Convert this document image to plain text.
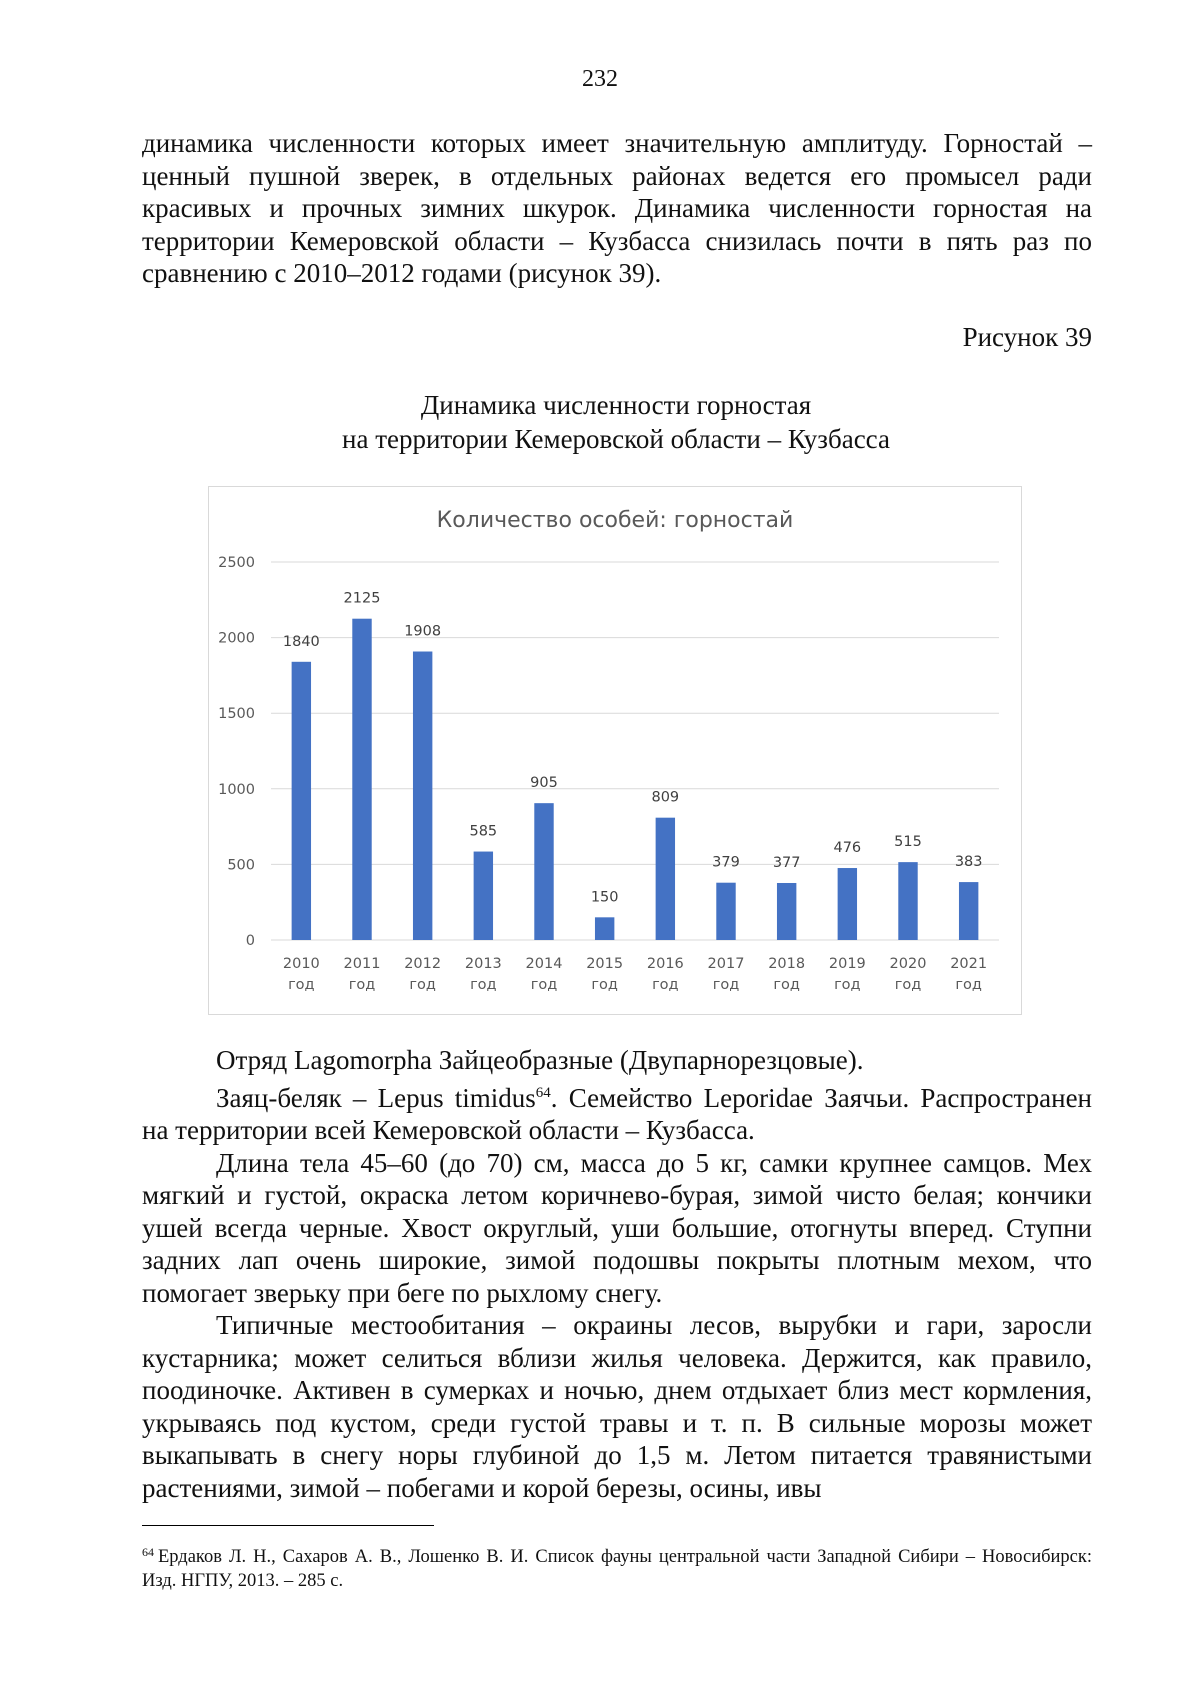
232

динамика численности которых имеет значительную амплитуду. Горностай – ценный пушной зверек, в отдельных районах ведется его промысел ради красивых и прочных зимних шкурок. Динамика численности горностая на территории Кемеровской области – Кузбасса снизилась почти в пять раз по сравнению с 2010–2012 годами (рисунок 39).

Рисунок 39
Динамика численности горностая
на территории Кемеровской области – Кузбасса
Количество особей: горностай
0
500
1000
1500
2000
2500
1840
2125
1908
585
905
150
809
379 377
476 515
383
2010 год
2011 год
2012 год
2013 год
2014 год
2015 год
2016 год
2017 год
2018 год
2019 год
2020 год
2021 год

Отряд Lagomorpha Зайцеобразные (Двупарнорезцовые).

Заяц-беляк – Lepus timidus$^{64}$. Семейство Leporidae Заячьи. Распространен на территории всей Кемеровской области – Кузбасса.

Длина тела 45–60 (до 70) см, масса до 5 кг, самки крупнее самцов. Мех мягкий и густой, окраска летом коричнево-бурая, зимой чисто белая; кончики ушей всегда черные. Хвост округлый, уши большие, отогнуты вперед. Ступни задних лап очень широкие, зимой подошвы покрыты плотным мехом, что помогает зверьку при беге по рыхлому снегу.

Типичные местообитания – окраины лесов, вырубки и гари, заросли кустарника; может селиться вблизи жилья человека. Держится, как правило, поодиночке. Активен в сумерках и ночью, днем отдыхает близ мест кормления, укрываясь под кустом, среди густой травы и т. п. В сильные морозы может выкапывать в снегу норы глубиной до 1,5 м. Летом питается травянистыми растениями, зимой – побегами и корой березы, осины, ивы

$^{64}$ Ердаков Л. Н., Сахаров А. В., Лошенко В. И. Список фауны центральной части Западной Сибири – Новосибирск: Изд. НГПУ, 2013. – 285 с.
